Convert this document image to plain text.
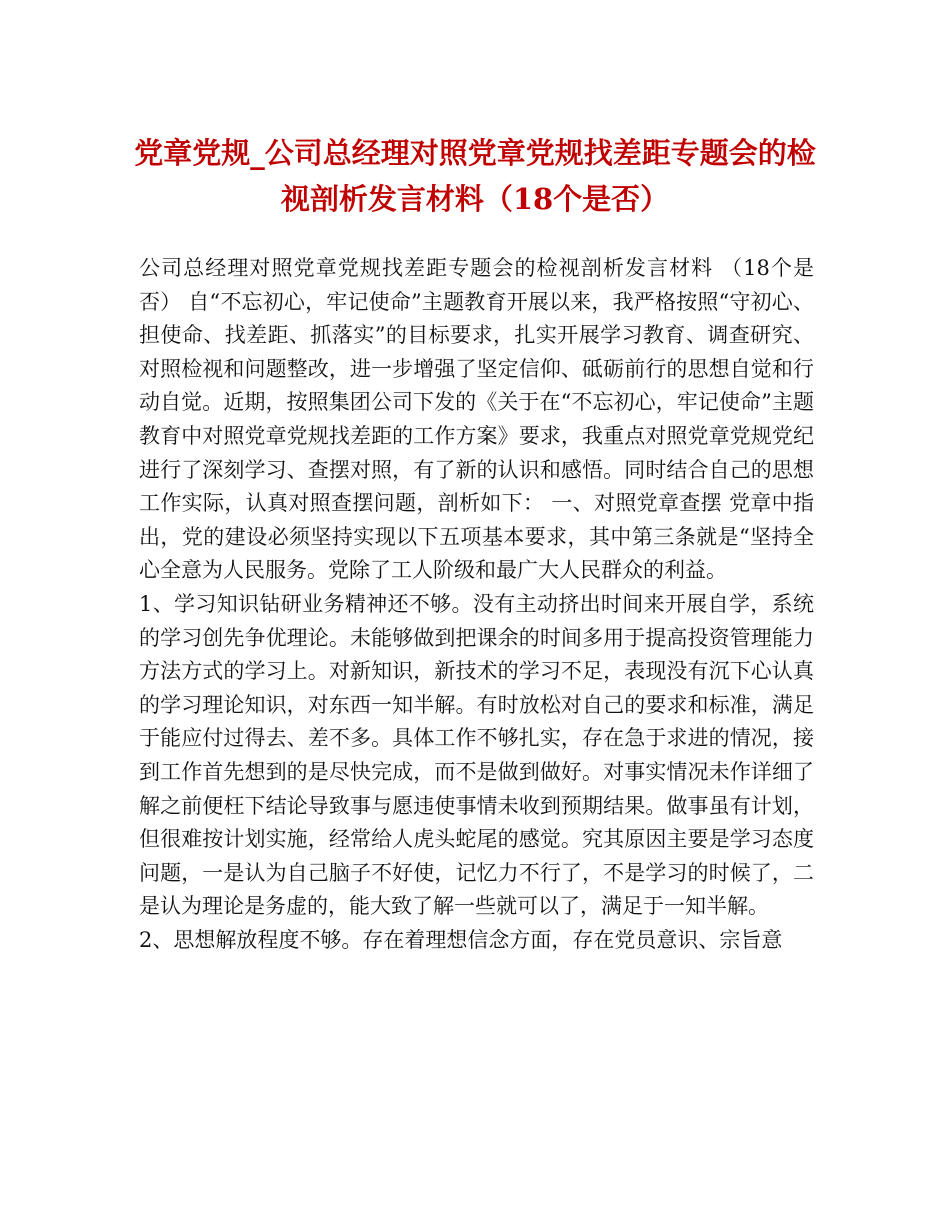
党章党规_公司总经理对照党章党规找差距专题会的检视剖析发言材料（18个是否）

公司总经理对照党章党规找差距专题会的检视剖析发言材料 （18个是否） 自“不忘初心，牢记使命”主题教育开展以来，我严格按照“守初心、担使命、找差距、抓落实”的目标要求，扎实开展学习教育、调查研究、对照检视和问题整改，进一步增强了坚定信仰、砥砺前行的思想自觉和行动自觉。近期，按照集团公司下发的《关于在“不忘初心，牢记使命”主题教育中对照党章党规找差距的工作方案》要求，我重点对照党章党规党纪进行了深刻学习、查摆对照，有了新的认识和感悟。同时结合自己的思想工作实际，认真对照查摆问题，剖析如下： 一、对照党章查摆 党章中指出，党的建设必须坚持实现以下五项基本要求，其中第三条就是“坚持全心全意为人民服务。党除了工人阶级和最广大人民群众的利益。

1、学习知识钻研业务精神还不够。没有主动挤出时间来开展自学，系统的学习创先争优理论。未能够做到把课余的时间多用于提高投资管理能力方法方式的学习上。对新知识，新技术的学习不足，表现没有沉下心认真的学习理论知识，对东西一知半解。有时放松对自己的要求和标准，满足于能应付过得去、差不多。具体工作不够扎实，存在急于求进的情况，接到工作首先想到的是尽快完成，而不是做到做好。对事实情况未作详细了解之前便枉下结论导致事与愿违使事情未收到预期结果。做事虽有计划，但很难按计划实施，经常给人虎头蛇尾的感觉。究其原因主要是学习态度问题，一是认为自己脑子不好使，记忆力不行了，不是学习的时候了，二是认为理论是务虚的，能大致了解一些就可以了，满足于一知半解。

2、思想解放程度不够。存在着理想信念方面，存在党员意识、宗旨意
